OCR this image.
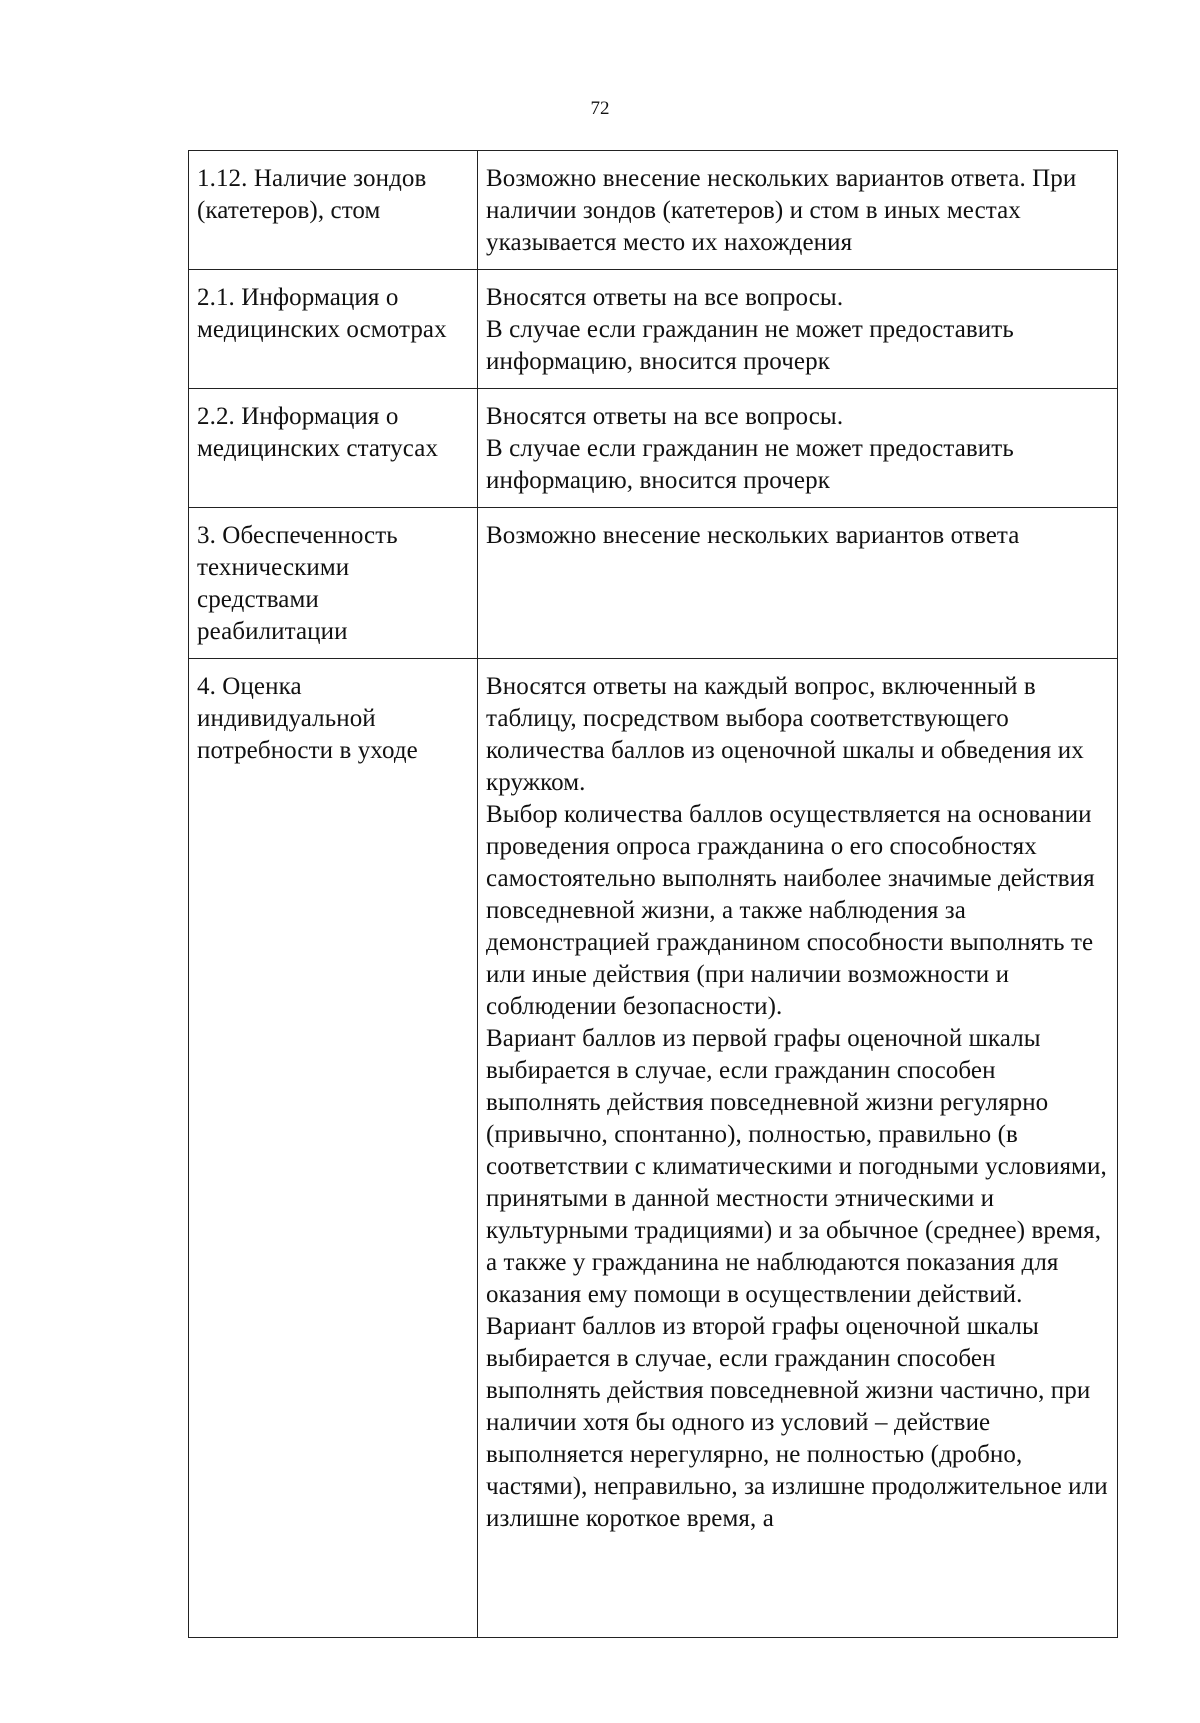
72
1.12. Наличие зондов (катетеров), стом	Возможно внесение нескольких вариантов ответа. При наличии зондов (катетеров) и стом в иных местах указывается место их нахождения

2.1. Информация о медицинских осмотрах	Вносятся ответы на все вопросы.
В случае если гражданин не может предоставить информацию, вносится прочерк

2.2. Информация о медицинских статусах	Вносятся ответы на все вопросы.
В случае если гражданин не может предоставить информацию, вносится прочерк

3. Обеспеченность техническими средствами реабилитации	Возможно внесение нескольких вариантов ответа

4. Оценка индивидуальной потребности в уходе	Вносятся ответы на каждый вопрос, включенный в таблицу, посредством выбора соответствующего количества баллов из оценочной шкалы и обведения их кружком.
Выбор количества баллов осуществляется на основании проведения опроса гражданина о его способностях самостоятельно выполнять наиболее значимые действия повседневной жизни, а также наблюдения за демонстрацией гражданином способности выполнять те или иные действия (при наличии возможности и соблюдении безопасности).
Вариант баллов из первой графы оценочной шкалы выбирается в случае, если гражданин способен выполнять действия повседневной жизни регулярно (привычно, спонтанно), полностью, правильно (в соответствии с климатическими и погодными условиями, принятыми в данной местности этническими и культурными традициями) и за обычное (среднее) время, а также у гражданина не наблюдаются показания для оказания ему помощи в осуществлении действий.
Вариант баллов из второй графы оценочной шкалы выбирается в случае, если гражданин способен выполнять действия повседневной жизни частично, при наличии хотя бы одного из условий – действие выполняется нерегулярно, не полностью (дробно, частями), неправильно, за излишне продолжительное или излишне короткое время, а
